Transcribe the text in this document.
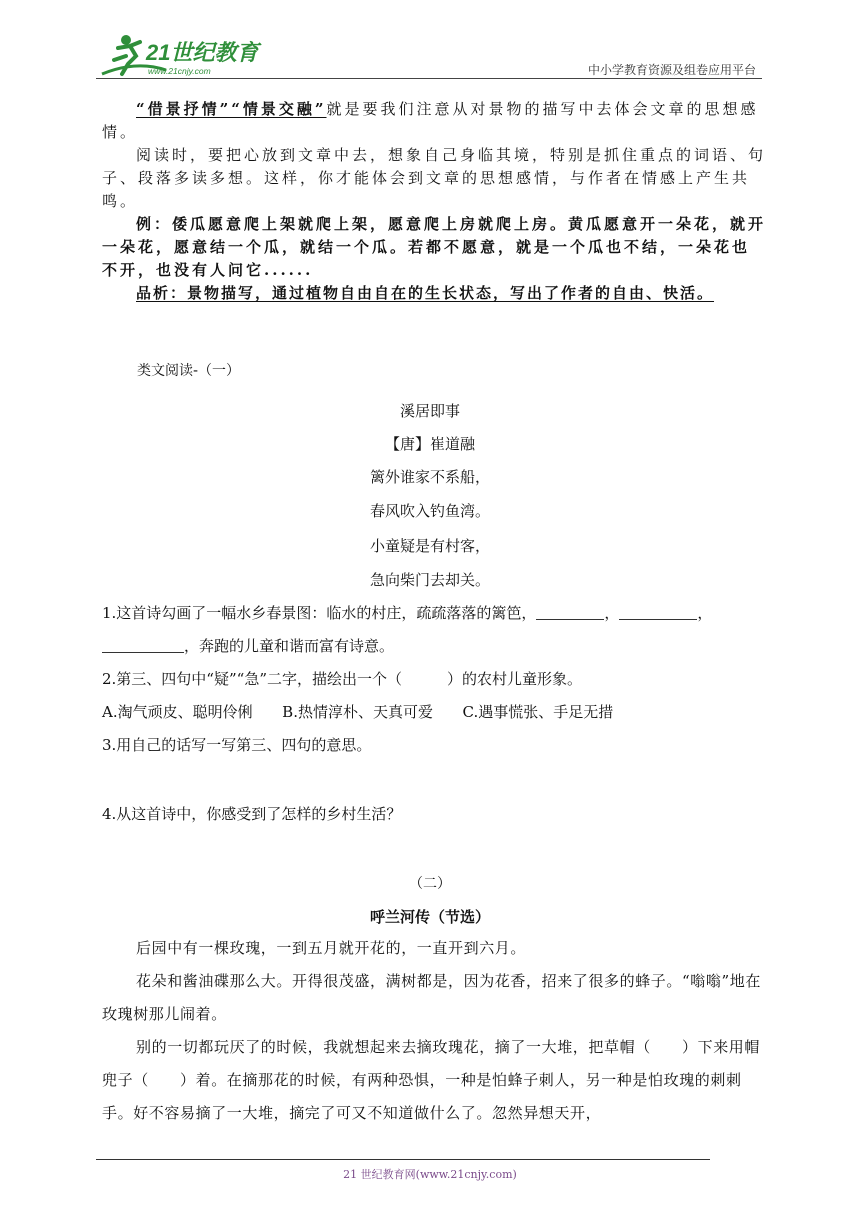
21世纪教育
www.21cnjy.com	中小学教育资源及组卷应用平台

“借景抒情”“情景交融”就是要我们注意从对景物的描写中去体会文章的思想感情。

阅读时，要把心放到文章中去，想象自己身临其境，特别是抓住重点的词语、句子、段落多读多想。这样，你才能体会到文章的思想感情，与作者在情感上产生共鸣。

例：倭瓜愿意爬上架就爬上架，愿意爬上房就爬上房。黄瓜愿意开一朵花，就开一朵花，愿意结一个瓜，就结一个瓜。若都不愿意，就是一个瓜也不结，一朵花也不开，也没有人问它......

品析：景物描写，通过植物自由自在的生长状态，写出了作者的自由、快活。

类文阅读-（一）
溪居即事
【唐】崔道融
篱外谁家不系船，
春风吹入钓鱼湾。
小童疑是有村客，
急向柴门去却关。

1.这首诗勾画了一幅水乡春景图：临水的村庄，疏疏落落的篱笆，	，	，
，奔跑的儿童和谐而富有诗意。

2.第三、四句中“疑”“急”二字，描绘出一个（　　　）的农村儿童形象。

A.淘气顽皮、聪明伶俐 B.热情淳朴、天真可爱 C.遇事慌张、手足无措

3.用自己的话写一写第三、四句的意思。

4.从这首诗中，你感受到了怎样的乡村生活？
（二）
呼兰河传（节选）

后园中有一棵玫瑰，一到五月就开花的，一直开到六月。

花朵和酱油碟那么大。开得很茂盛，满树都是，因为花香，招来了很多的蜂子。“嗡嗡”地在玫瑰树那儿闹着。

别的一切都玩厌了的时候，我就想起来去摘玫瑰花，摘了一大堆，把草帽（　　）下来用帽兜子（　　）着。在摘那花的时候，有两种恐惧，一种是怕蜂子刺人，另一种是怕玫瑰的刺刺手。好不容易摘了一大堆，摘完了可又不知道做什么了。忽然异想天开，

21 世纪教育网(www.21cnjy.com)
